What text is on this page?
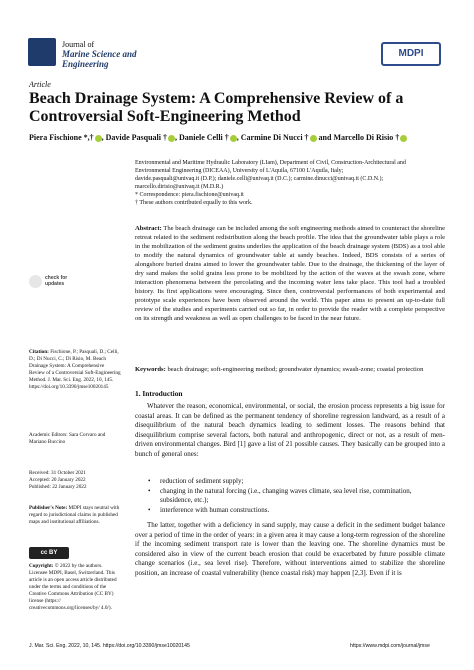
Journal of
Marine Science and Engineering
MDPI
Article
Beach Drainage System: A Comprehensive Review of a Controversial Soft-Engineering Method
Piera Fischione *,† , Davide Pasquali † , Daniele Celli † , Carmine Di Nucci † and Marcello Di Risio †
Environmental and Maritime Hydraulic Laboratory (LIam), Department of Civil, Construction-Architectural and
Environmental Engineering (DICEAA), University of L'Aquila, 67100 L'Aquila, Italy;
davide.pasquali@univaq.it (D.P.); daniele.celli@univaq.it (D.C.); carmine.dinucci@univaq.it (C.D.N.);
marcello.dirisio@univaq.it (M.D.R.)
* Correspondence: piera.fischione@univaq.it
† These authors contributed equally to this work.
Abstract: The beach drainage can be included among the soft engineering methods aimed to counteract the shoreline retreat related to the sediment redistribution along the beach profile. The idea that the groundwater table plays a role in the mobilization of the sediment grains underlies the application of the beach drainage system (BDS) as a tool able to modify the natural dynamics of groundwater table at sandy beaches. Indeed, BDS consists of a series of alongshore buried drains aimed to lower the groundwater table. Due to the drainage, the thickening of the layer of dry sand makes the solid grains less prone to be mobilized by the action of the waves at the swash zone, where interaction phenomena between the percolating and the incoming water lens take place. This tool had a troubled history. Its first applications were encouraging. Since then, controversial performances of both experimental and prototype scale experiences have been observed around the world. This paper aims to present an up-to-date full review of the studies and experiments carried out so far, in order to provide the reader with a complete perspective on its strength and weakness as well as open challenges to be faced in the near future.
Keywords: beach drainage; soft-engineering method; groundwater dynamics; swash-zone; coastal protection
check for
updates
Citation: Fischione, P.; Pasquali, D.; Celli, D.; Di Nucci, C.; Di Risio, M. Beach Drainage System: A Comprehensive Review of a Controversial Soft-Engineering Method. J. Mar. Sci. Eng. 2022, 10, 145. https://doi.org/10.3390/jmse10020145
Academic Editors: Sara Corvaro and Mariano Buccino
Received: 31 October 2021
Accepted: 20 January 2022
Published: 22 January 2022
Publisher's Note: MDPI stays neutral with regard to jurisdictional claims in published maps and institutional affiliations.
cc BY
Copyright: © 2022 by the authors. Licensee MDPI, Basel, Switzerland. This article is an open access article distributed under the terms and conditions of the Creative Commons Attribution (CC BY) license (https:// creativecommons.org/licenses/by/ 4.0/).
1. Introduction
Whatever the reason, economical, environmental, or social, the erosion process represents a big issue for coastal areas. It can be defined as the permanent tendency of shoreline regression landward, as a result of a disequilibrium of the natural beach dynamics leading to sediment losses. The reasons behind that disequilibrium comprise several factors, both natural and anthropogenic, direct or not, as a result of men-driven environmental changes. Bird [1] gave a list of 21 possible causes. They basically can be grouped into a bunch of general ones:
• reduction of sediment supply;
• changing in the natural forcing (i.e., changing waves climate, sea level rise, commination, subsidence, etc.);
• interference with human constructions.
The latter, together with a deficiency in sand supply, may cause a deficit in the sediment budget balance over a period of time in the order of years: in a given area it may cause a long-term regression of the shoreline if the incoming sediment transport rate is lower than the leaving one. The shoreline dynamics must be considered also in view of the current beach erosion that could be exacerbated by future possible climate change scenarios (i.e., sea level rise). Therefore, without interventions aimed to stabilize the shoreline position, an increase of coastal vulnerability (hence coastal risk) may happen [2,3]. Even if it is
J. Mar. Sci. Eng. 2022, 10, 145. https://doi.org/10.3390/jmse10020145	https://www.mdpi.com/journal/jmse
